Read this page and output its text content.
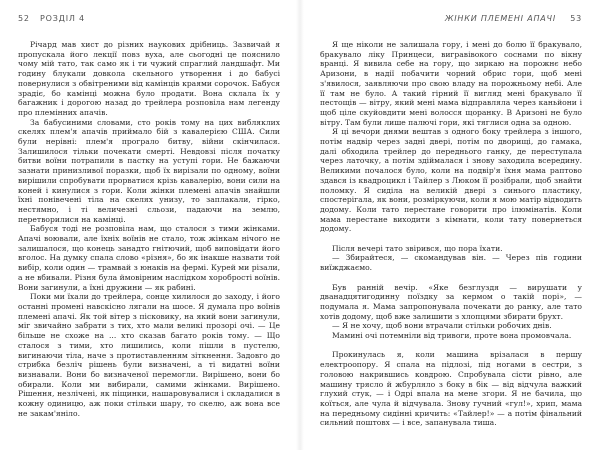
52 РОЗДІЛ 4

Річард мав хист до різних наукових дрібниць. Зазвичай я пропускала його лекції повз вуха, але сьогодні це пояснило чому мій тато, так само як і ти чужий спраглий ландшафт. Ми годину блукали довкола скельного утворення і до бабусі повернулися з обвітреними від камінців краями сорочок. Бабуся зрадіє, бо камінці можна було продати. Вона склала їх у багажник і дорогою назад до трейлера розповіла нам легенду про племінних апачів.

За бабусиними словами, сто років тому на цих вибляклих скелях плем'я апачів приймало бій з кавалерією США. Сили були нерівні: плем'я програло битву, війни скінчилася. Залишилося тільки почекати смерті. Невдовзі після початку битви воїни потрапили в пастку на уступі гори. Не бажаючи зазнати принизливої поразки, щоб їх вирізали по одному, воїни вирішили спробувати прорватися крізь кавалерію, вони сили на коней і кинулися з гори. Коли жінки племені апачів знайшли їхні понівечені тіла на скелях унизу, то заплакали, гірко, нестямно, і ті величезні сльози, падаючи на землю, перетворилися на камінці.

Бабуся тоді не розповіла нам, що сталося з тими жінками. Апачі воювали, але їхніх воїнів не стало, тож жінкам нічого не залишалося, що конець занадто гнітючий, щоб виповідати його вголос. На думку спала слово «різня», бо як інакше назвати той вибір, коли один — трамвай з юнаків на фермі. Курей ми різали, а не вбивали. Різня була ймовірним наслідком хоробрості воїнів. Вони загинули, а їхні дружини — як рабині.

Поки ми їхали до трейлера, сонце хилилося до заходу, і його останні промені навскісно лягали на шосе. Я думала про воїнів племені апачі. Як той вітер з пісковику, на який вони загинули, міг звичайно забрати з тих, хто мали великі прозорі очі. — Це більше не схоже на ... хто сказав багато років тому. — Що сталося з тими, хто лишились, коли пішли в пустелю, вигинаючи тіла, наче з протиставленням зіткнення. Задовго до стрибка безліч рішень були визначені, а ті видатні воїни визнавали. Вони бо визначеної перемогли. Вирішено, вони бо обирали. Коли ми вибирали, самими жінками. Вирішено. Рішення, незлічені, як піщинки, нашаровувалися і складалися в кожну одиницю, аж поки стільки шару, то скелю, аж вона все не закам'яніло.

ЖІНКИ ПЛЕМЕНІ АПАЧІ 53

Я ще ніколи не залишала гору, і мені до болю її бракувало, бракувало ліку Принцеси, вигравівокого соснами по вікну вранці. Я вивила себе на гору, що зиркаю на порожнє небо Аризони, в надії побачити чорний обрис гори, щоб мені з'явилося, заявляючи про свою владу на порожньому небі. Але її там не було. А такий гірний її вигляд мені бракувало її пестощів — вітру, який мені мама відправляла через каньйони і щоб ціле скуйовдити мені волосся щоранку. В Аризоні не було вітру. Там були лише палючі гори, які тяглися одна за одною.

Я ці вечори днями вештав з одного боку трейлера з іншого, потім надвір через задні двері, потім по дворищі, до гамака, далі обходила трейлер до переднього ганку, де переступала через латочку, а потім здіймалася і знову заходила всередину. Великими почалося було, коли на подвір'я їхня мама раптово здався із квадроцикл і Тайлер з Люком її розібрали, щоб знайти поломку. Я сиділа на великій двері з синього пластику, спостерігала, як вони, розміркуючи, коли я мою матір відводить додому. Коли тато перестане говорити про ілюмінатів. Коли мама перестане виходити з кімнати, коли тату повернеться додому.

Після вечері тато звірився, що пора їхати.

— Збирайтеся, — скомандував він. — Через пів години виїжджаємо.

Був ранній вечір. «Яке безглуздя — вирушати у дванадцятигодинну поїздку за кермом о такій порі», — подумала я. Мама запропонувала почекати до ранку, але тато хотів додому, щоб вже залишити з хлопцями збирати брухт.

— Я не хочу, щоб вони втрачали стільки робочих днів.

Мамині очі потемніли від тривоги, проте вона промовчала.

Прокинулась я, коли машина врізалася в першу електроопору. Я спала на підлозі, під ногами в сестри, з головою накрившись ковдрою. Спробувала сісти рівно, але машину трясло й жбурляло з боку в бік — від відчула важкий глухий стук, — і Одрі впала на мене згори. Я не бачила, що коїться, але чула й відчувала. Знову гучний «гул!», хрип, мама на передньому сидінні кричить: «Тайлер!» — а потім фінальний сильний поштовх — і все, запанувала тиша.
